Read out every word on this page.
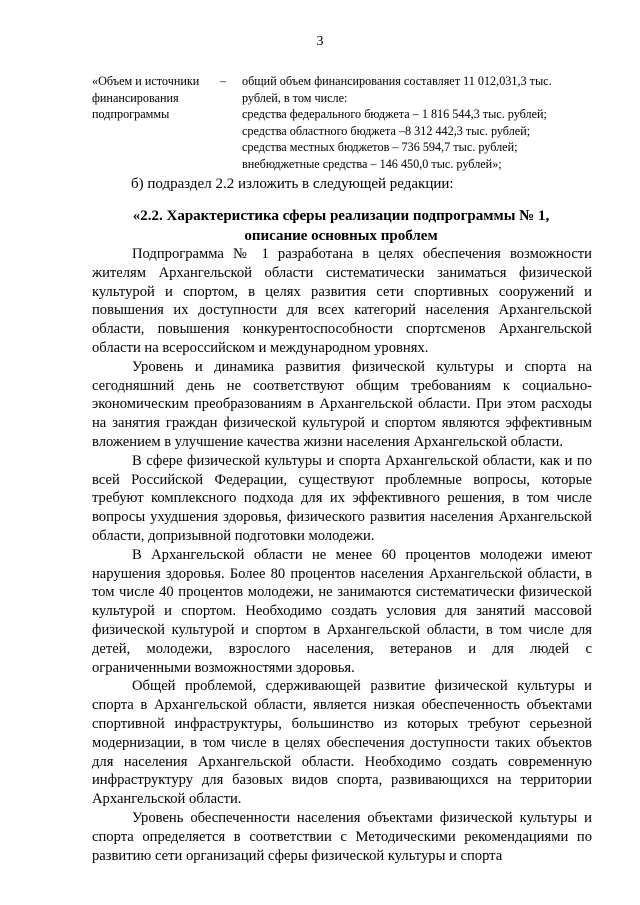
3
«Объем и источники
финансирования
подпрограммы
–	общий объем финансирования составляет 11 012,031,3 тыс.
рублей, в том числе:
средства федерального бюджета – 1 816 544,3 тыс. рублей;
средства областного бюджета –8 312 442,3 тыс. рублей;
средства местных бюджетов – 736 594,7 тыс. рублей;
внебюджетные средства – 146 450,0 тыс. рублей»;
б) подраздел 2.2 изложить в следующей редакции:
«2.2. Характеристика сферы реализации подпрограммы № 1,
описание основных проблем

Подпрограмма № 1 разработана в целях обеспечения возможности жителям Архангельской области систематически заниматься физической культурой и спортом, в целях развития сети спортивных сооружений и повышения их доступности для всех категорий населения Архангельской области, повышения конкурентоспособности спортсменов Архангельской области на всероссийском и международном уровнях.

Уровень и динамика развития физической культуры и спорта на сегодняшний день не соответствуют общим требованиям к социально-экономическим преобразованиям в Архангельской области. При этом расходы на занятия граждан физической культурой и спортом являются эффективным вложением в улучшение качества жизни населения Архангельской области.

В сфере физической культуры и спорта Архангельской области, как и по всей Российской Федерации, существуют проблемные вопросы, которые требуют комплексного подхода для их эффективного решения, в том числе вопросы ухудшения здоровья, физического развития населения Архангельской области, допризывной подготовки молодежи.

В Архангельской области не менее 60 процентов молодежи имеют нарушения здоровья. Более 80 процентов населения Архангельской области, в том числе 40 процентов молодежи, не занимаются систематически физической культурой и спортом. Необходимо создать условия для занятий массовой физической культурой и спортом в Архангельской области, в том числе для детей, молодежи, взрослого населения, ветеранов и для людей с ограниченными возможностями здоровья.

Общей проблемой, сдерживающей развитие физической культуры и спорта в Архангельской области, является низкая обеспеченность объектами спортивной инфраструктуры, большинство из которых требуют серьезной модернизации, в том числе в целях обеспечения доступности таких объектов для населения Архангельской области. Необходимо создать современную инфраструктуру для базовых видов спорта, развивающихся на территории Архангельской области.

Уровень обеспеченности населения объектами физической культуры и спорта определяется в соответствии с Методическими рекомендациями по развитию сети организаций сферы физической культуры и спорта
